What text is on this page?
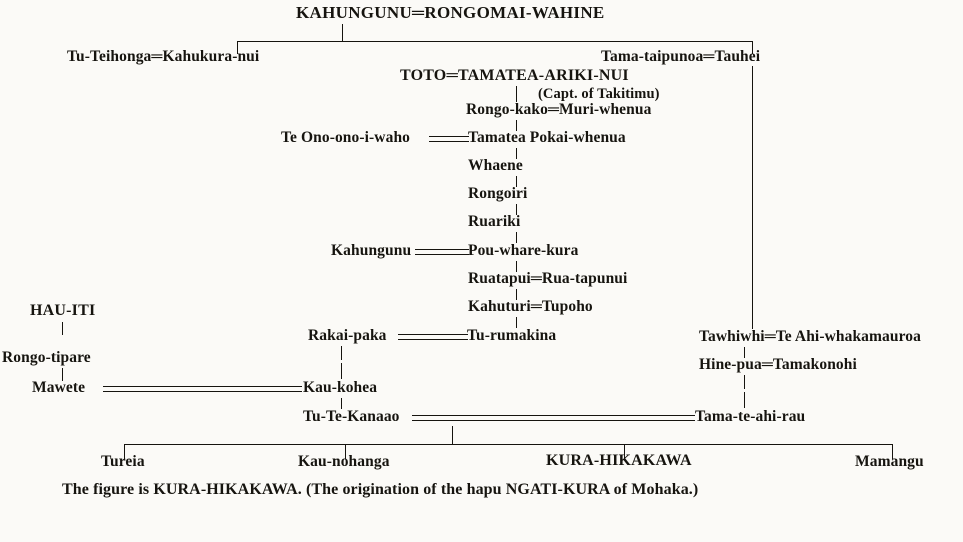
KAHUNGUNU═RONGOMAI-WAHINE
Tu-Teihonga═Kahukura-nui	Tama-taipunoa═Tauhei
TOTO═TAMATEA-ARIKI-NUI
(Capt. of Takitimu)
Rongo-kako═Muri-whenua
Te Ono-ono-i-waho	Tamatea Pokai-whenua
Whaene
Rongoiri
Ruariki
Kahungunu	Pou-whare-kura
Ruatapui═Rua-tapunui
Kahuturi═Tupoho
Rakai-paka	Tu-rumakina
HAU-ITI
Rongo-tipare
Mawete	Kau-kohea
Tawhiwhi═Te Ahi-whakamauroa
Hine-pua═Tamakonohi
Tu-Te-Kanaao	Tama-te-ahi-rau
Tureia	Kau-nohanga	KURA-HIKAKAWA	Mamangu
The figure is KURA-HIKAKAWA. (The origination of the hapu NGATI-KURA of Mohaka.)
